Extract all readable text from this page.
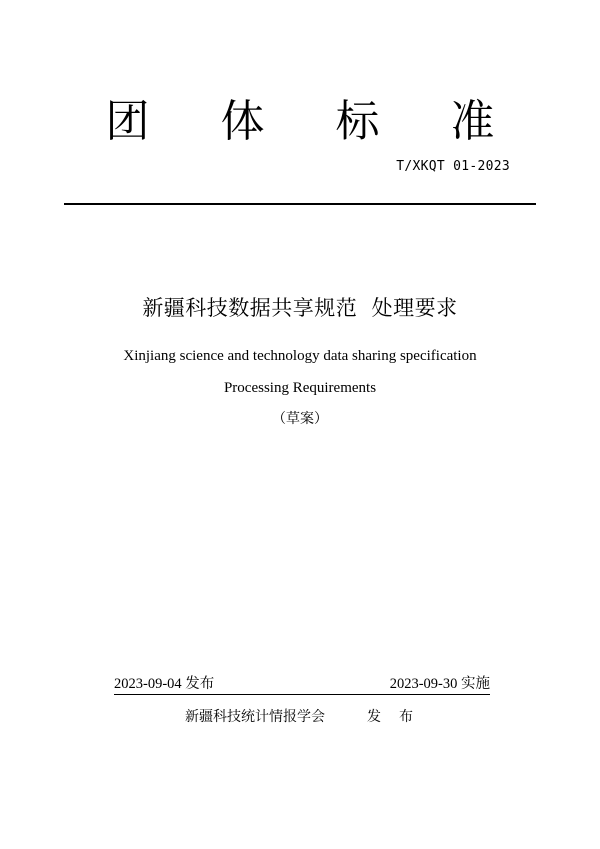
团 体 标 准
T/XKQT 01-2023
新疆科技数据共享规范  处理要求
Xinjiang science and technology data sharing specification
Processing Requirements
（草案）
2023-09-04 发布	2023-09-30 实施
新疆科技统计情报学会	发布
